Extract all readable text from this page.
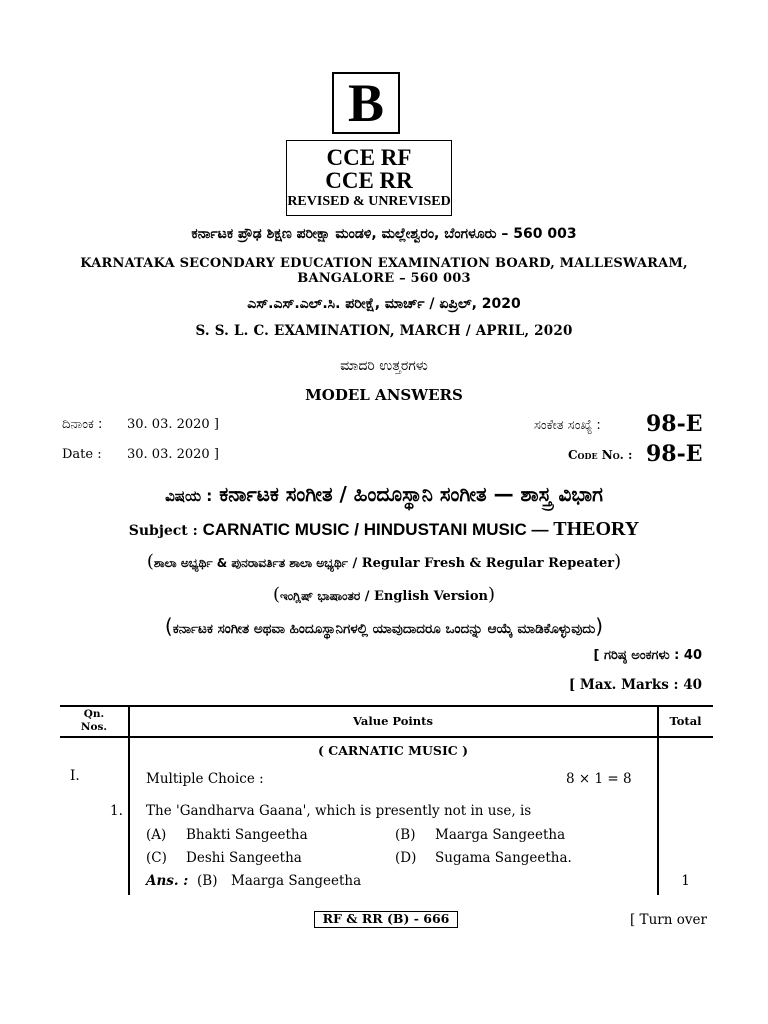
B
CCE RF
CCE RR
REVISED & UNREVISED
ಕರ್ನಾಟಕ ಪ್ರೌಢ ಶಿಕ್ಷಣ ಪರೀಕ್ಷಾ ಮಂಡಳಿ, ಮಲ್ಲೇಶ್ವರಂ, ಬೆಂಗಳೂರು – 560 003
KARNATAKA SECONDARY EDUCATION EXAMINATION BOARD, MALLESWARAM,
BANGALORE – 560 003
ಎಸ್.ಎಸ್.ಎಲ್.ಸಿ. ಪರೀಕ್ಷೆ, ಮಾರ್ಚ್ / ಏಪ್ರಿಲ್, 2020
S. S. L. C. EXAMINATION, MARCH / APRIL, 2020
ಮಾದರಿ ಉತ್ತರಗಳು
MODEL ANSWERS
ದಿನಾಂಕ : 30. 03. 2020 ]	ಸಂಕೇತ ಸಂಖ್ಯೆ : 98-E
Date : 30. 03. 2020 ]	Code No. : 98-E
ವಿಷಯ : ಕರ್ನಾಟಕ ಸಂಗೀತ / ಹಿಂದೂಸ್ಥಾನಿ ಸಂಗೀತ — ಶಾಸ್ತ್ರ ವಿಭಾಗ
Subject : CARNATIC MUSIC / HINDUSTANI MUSIC — THEORY
(ಶಾಲಾ ಅಭ್ಯರ್ಥಿ & ಪುನರಾವರ್ತಿತ ಶಾಲಾ ಅಭ್ಯರ್ಥಿ / Regular Fresh & Regular Repeater)
(ಇಂಗ್ಲಿಷ್ ಭಾಷಾಂತರ / English Version)
(ಕರ್ನಾಟಕ ಸಂಗೀತ ಅಥವಾ ಹಿಂದೂಸ್ಥಾನಿಗಳಲ್ಲಿ ಯಾವುದಾದರೂ ಒಂದನ್ನು ಆಯ್ಕೆ ಮಾಡಿಕೊಳ್ಳುವುದು)
[ ಗರಿಷ್ಠ ಅಂಕಗಳು : 40
[ Max. Marks : 40
Qn.
Nos.	Value Points	Total
( CARNATIC MUSIC )
I.	Multiple Choice :	8 × 1 = 8
1. The 'Gandharva Gaana', which is presently not in use, is
(A) Bhakti Sangeetha	(B) Maarga Sangeetha
(C) Deshi Sangeetha	(D) Sugama Sangeetha.
Ans. : (B) Maarga Sangeetha	1
RF & RR (B) - 666	[ Turn over
